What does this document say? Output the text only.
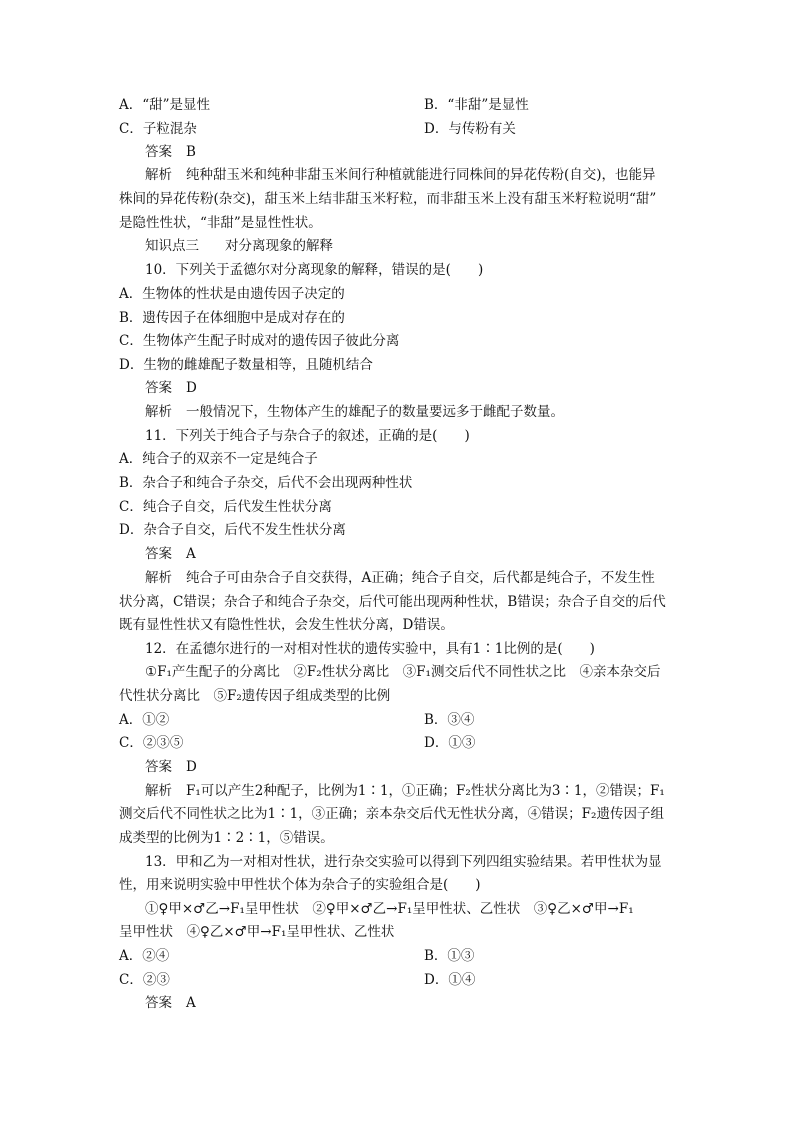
A．“甜”是显性	B．“非甜”是显性
C．子粒混杂	D．与传粉有关
答案 B
解析 纯种甜玉米和纯种非甜玉米间行种植就能进行同株间的异花传粉(自交)，也能异
株间的异花传粉(杂交)，甜玉米上结非甜玉米籽粒，而非甜玉米上没有甜玉米籽粒说明“甜”
是隐性性状，“非甜”是显性性状。
知识点三 对分离现象的解释
10．下列关于孟德尔对分离现象的解释，错误的是(　　)
A．生物体的性状是由遗传因子决定的
B．遗传因子在体细胞中是成对存在的
C．生物体产生配子时成对的遗传因子彼此分离
D．生物的雌雄配子数量相等，且随机结合
答案 D
解析 一般情况下，生物体产生的雄配子的数量要远多于雌配子数量。
11．下列关于纯合子与杂合子的叙述，正确的是(　　)
A．纯合子的双亲不一定是纯合子
B．杂合子和纯合子杂交，后代不会出现两种性状
C．纯合子自交，后代发生性状分离
D．杂合子自交，后代不发生性状分离
答案 A
解析 纯合子可由杂合子自交获得，A正确；纯合子自交，后代都是纯合子，不发生性
状分离，C错误；杂合子和纯合子杂交，后代可能出现两种性状，B错误；杂合子自交的后代
既有显性性状又有隐性性状，会发生性状分离，D错误。
12．在孟德尔进行的一对相对性状的遗传实验中，具有1∶1比例的是(　　)
①F₁产生配子的分离比　②F₂性状分离比　③F₁测交后代不同性状之比　④亲本杂交后
代性状分离比　⑤F₂遗传因子组成类型的比例
A．①②	B．③④
C．②③⑤	D．①③
答案 D
解析 F₁可以产生2种配子，比例为1∶1，①正确；F₂性状分离比为3∶1，②错误；F₁
测交后代不同性状之比为1∶1，③正确；亲本杂交后代无性状分离，④错误；F₂遗传因子组
成类型的比例为1∶2∶1，⑤错误。
13．甲和乙为一对相对性状，进行杂交实验可以得到下列四组实验结果。若甲性状为显
性，用来说明实验中甲性状个体为杂合子的实验组合是(　　)
①♀甲×♂乙→F₁呈甲性状　②♀甲×♂乙→F₁呈甲性状、乙性状　③♀乙×♂甲→F₁
呈甲性状　④♀乙×♂甲→F₁呈甲性状、乙性状
A．②④	B．①③
C．②③	D．①④
答案 A
